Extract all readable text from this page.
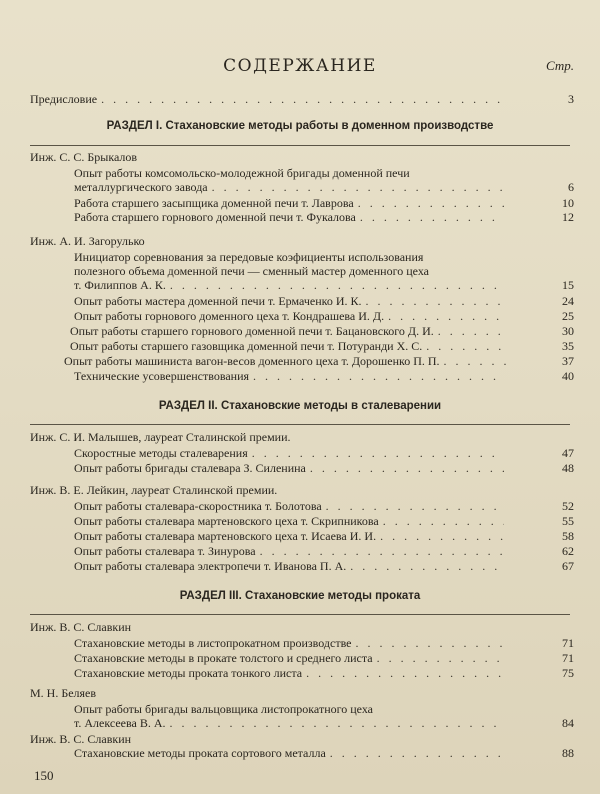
СОДЕРЖАНИЕ	Стр.
Предисловие . . .	3
РАЗДЕЛ I. Стахановские методы работы в доменном производстве
Инж. С. С. Брыкалов
Опыт работы комсомольско-молодежной бригады доменной печи
металлургического завода . . .	6
Работа старшего засыпщика доменной печи т. Лаврова . . .	10
Работа старшего горнового доменной печи т. Фукалова . . .	12
Инж. А. И. Загорулько
Инициатор соревнования за передовые коэфициенты использования
полезного объема доменной печи — сменный мастер доменного цеха
т. Филиппов А. К. . . .	15
Опыт работы мастера доменной печи т. Ермаченко И. К. . . .	24
Опыт работы горнового доменного цеха т. Кондрашева И. Д. . . .	25
Опыт работы старшего горнового доменной печи т. Бацановского Д. И. . . .	30
Опыт работы старшего газовщика доменной печи т. Потуранди Х. С. . . .	35
Опыт работы машиниста вагон-весов доменного цеха т. Дорошенко П. П. . . .	37
Технические усовершенствования . . .	40
РАЗДЕЛ II. Стахановские методы в сталеварении
Инж. С. И. Малышев, лауреат Сталинской премии.
Скоростные методы сталеварения . . .	47
Опыт работы бригады сталевара З. Силенина . . .	48
Инж. В. Е. Лейкин, лауреат Сталинской премии.
Опыт работы сталевара-скоростника т. Болотова . . .	52
Опыт работы сталевара мартеновского цеха т. Скрипникова . . .	55
Опыт работы сталевара мартеновского цеха т. Исаева И. И. . . .	58
Опыт работы сталевара т. Зинурова . . .	62
Опыт работы сталевара электропечи т. Иванова П. А. . . .	67
РАЗДЕЛ III. Стахановские методы проката
Инж. В. С. Славкин
Стахановские методы в листопрокатном производстве . . .	71
Стахановские методы в прокате толстого и среднего листа . . .	71
Стахановские методы проката тонкого листа . . .	75
М. Н. Беляев
Опыт работы бригады вальцовщика листопрокатного цеха
т. Алексеева В. А. . . .	84
Инж. В. С. Славкин
Стахановские методы проката сортового металла . . .	88
150
